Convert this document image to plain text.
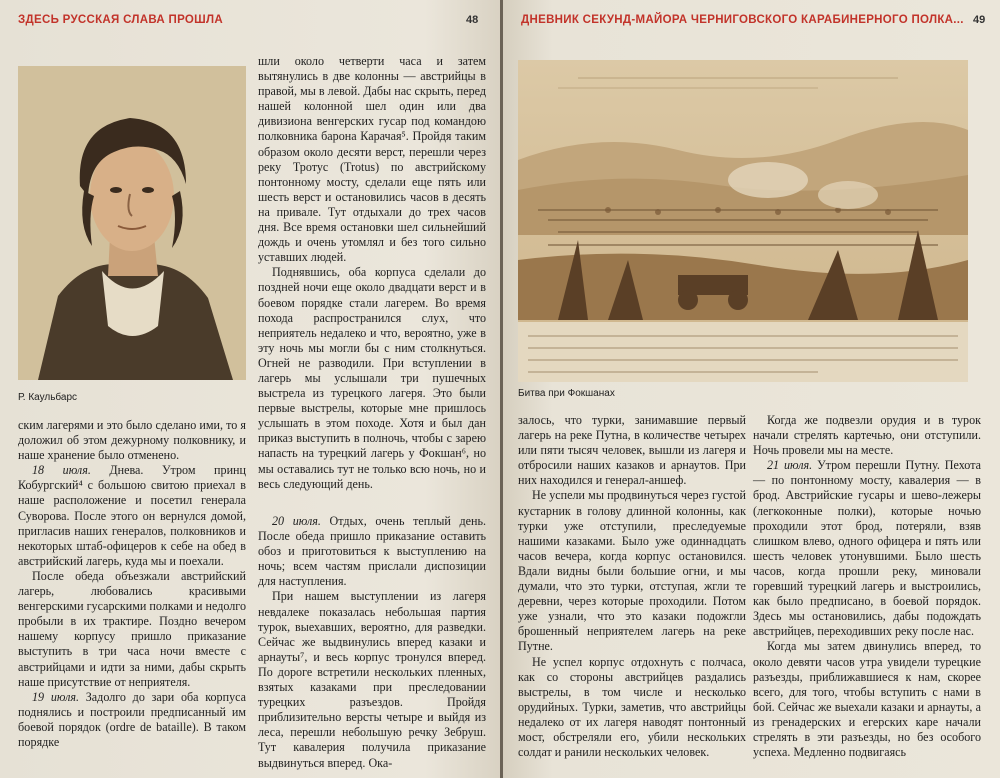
ЗДЕСЬ РУССКАЯ СЛАВА ПРОШЛА	48
Р. Каульбарс

шли около четверти часа и затем вытянулись в две колонны — австрийцы в правой, мы в левой. Дабы нас скрыть, перед нашей колонной шел один или два дивизиона венгерских гусар под командою полковника барона Карачая⁵. Пройдя таким образом около десяти верст, перешли через реку Тротус (Trotus) по австрийскому понтонному мосту, сделали еще пять или шесть верст и остановились часов в десять на привале. Тут отдыхали до трех часов дня. Все время остановки шел сильнейший дождь и очень утомлял и без того сильно уставших людей.

Поднявшись, оба корпуса сделали до поздней ночи еще около двадцати верст и в боевом порядке стали лагерем. Во время похода распространился слух, что неприятель недалеко и что, вероятно, уже в эту ночь мы могли бы с ним столкнуться. Огней не разводили. При вступлении в лагерь мы услышали три пушечных выстрела из турецкого лагеря. Это были первые выстрелы, которые мне пришлось услышать в этом походе. Хотя и был дан приказ выступить в полночь, чтобы с зарею напасть на турецкий лагерь у Фокшан⁶, но мы оставались тут не только всю ночь, но и весь следующий день.

ским лагерями и это было сделано ими, то я доложил об этом дежурному полковнику, и наше хранение было отменено.

18 июля. Днева. Утром принц Кобургский⁴ с большою свитою приехал в наше расположение и посетил генерала Суворова. После этого он вернулся домой, пригласив наших генералов, полковников и некоторых штаб-офицеров к себе на обед в австрийский лагерь, куда мы и поехали.

После обеда объезжали австрийский лагерь, любовались красивыми венгерскими гусарскими полками и недолго пробыли в их трактире. Поздно вечером нашему корпусу пришло приказание выступить в три часа ночи вместе с австрийцами и идти за ними, дабы скрыть наше присутствие от неприятеля.

19 июля. Задолго до зари оба корпуса поднялись и построили предписанный им боевой порядок (ordre de bataille). В таком порядке

20 июля. Отдых, очень теплый день. После обеда пришло приказание оставить обоз и приготовиться к выступлению на ночь; всем частям прислали диспозиции для наступления.

При нашем выступлении из лагеря невдалеке показалась небольшая партия турок, выехавших, вероятно, для разведки. Сейчас же выдвинулись вперед казаки и арнауты⁷, и весь корпус тронулся вперед. По дороге встретили нескольких пленных, взятых казаками при преследовании турецких разъездов. Пройдя приблизительно версты четыре и выйдя из леса, перешли небольшую речку Зебруш. Тут кавалерия получила приказание выдвинуться вперед. Ока-

ДНЕВНИК СЕКУНД-МАЙОРА ЧЕРНИГОВСКОГО КАРАБИНЕРНОГО ПОЛКА... 49
Битва при Фокшанах

залось, что турки, занимавшие первый лагерь на реке Путна, в количестве четырех или пяти тысяч человек, вышли из лагеря и отбросили наших казаков и арнаутов. При них находился и генерал-аншеф.

Не успели мы продвинуться через густой кустарник в голову длинной колонны, как турки уже отступили, преследуемые нашими казаками. Было уже одиннадцать часов вечера, когда корпус остановился. Вдали видны были большие огни, и мы думали, что это турки, отступая, жгли те деревни, через которые проходили. Потом уже узнали, что это казаки подожгли брошенный неприятелем лагерь на реке Путне.

Не успел корпус отдохнуть с полчаса, как со стороны австрийцев раздались выстрелы, в том числе и несколько орудийных. Турки, заметив, что австрийцы недалеко от их лагеря наводят понтонный мост, обстреляли его, убили нескольких солдат и ранили нескольких человек.

Когда же подвезли орудия и в турок начали стрелять картечью, они отступили. Ночь провели мы на месте.

21 июля. Утром перешли Путну. Пехота — по понтонному мосту, кавалерия — в брод. Австрийские гусары и шево-лежеры (легкоконные полки), которые ночью проходили этот брод, потеряли, взяв слишком влево, одного офицера и пять или шесть человек утонувшими. Было шесть часов, когда прошли реку, миновали горевший турецкий лагерь и выстроились, как было предписано, в боевой порядок. Здесь мы остановились, дабы подождать австрийцев, переходивших реку после нас.

Когда мы затем двинулись вперед, то около девяти часов утра увидели турецкие разъезды, приближавшиеся к нам, скорее всего, для того, чтобы вступить с нами в бой. Сейчас же выехали казаки и арнауты, а из гренадерских и егерских каре начали стрелять в эти разъезды, но без особого успеха. Медленно подвигаясь
